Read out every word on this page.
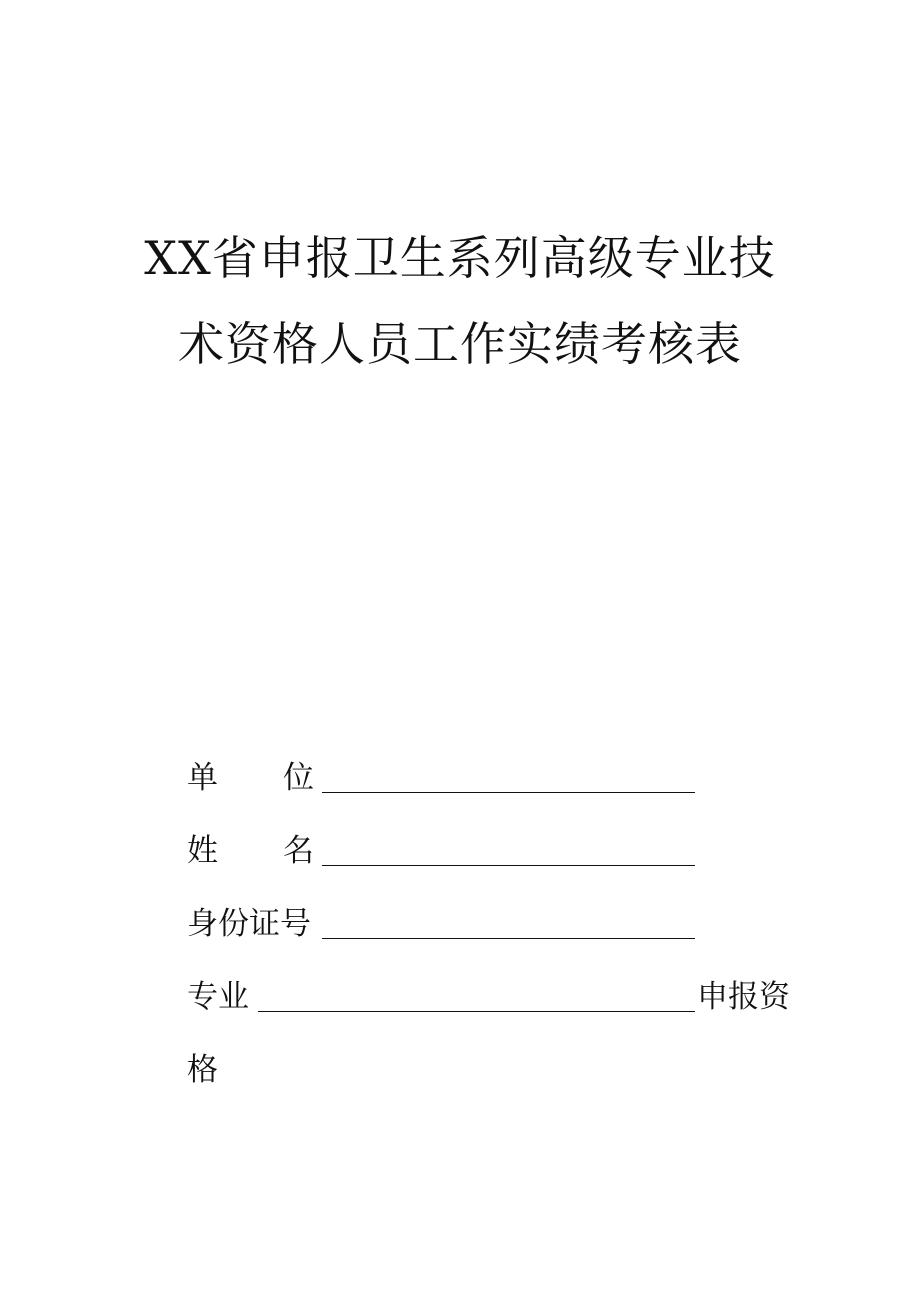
XX省申报卫生系列高级专业技
术资格人员工作实绩考核表
单 位
姓 名
身份证号
专业	申报资
格
